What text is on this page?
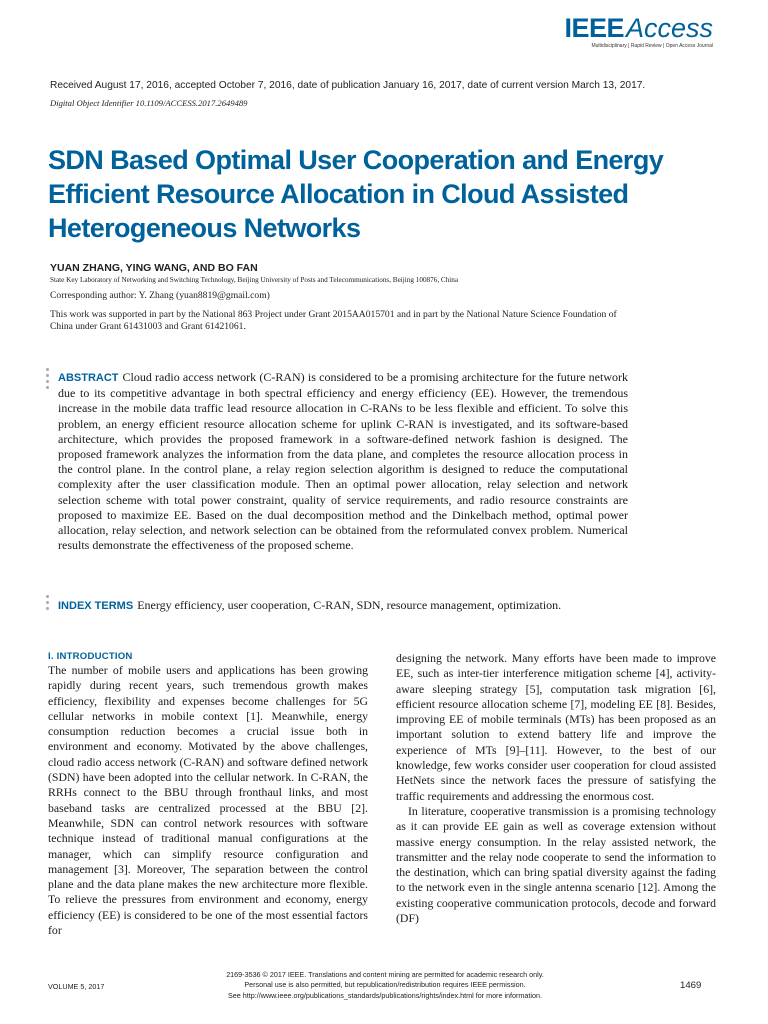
IEEEAccess
Multidisciplinary | Rapid Review | Open Access Journal
Received August 17, 2016, accepted October 7, 2016, date of publication January 16, 2017, date of current version March 13, 2017.
Digital Object Identifier 10.1109/ACCESS.2017.2649489
SDN Based Optimal User Cooperation and Energy Efficient Resource Allocation in Cloud Assisted Heterogeneous Networks
YUAN ZHANG, YING WANG, AND BO FAN
State Key Laboratory of Networking and Switching Technology, Beijing University of Posts and Telecommunications, Beijing 100876, China
Corresponding author: Y. Zhang (yuan8819@gmail.com)
This work was supported in part by the National 863 Project under Grant 2015AA015701 and in part by the National Nature Science Foundation of China under Grant 61431003 and Grant 61421061.

ABSTRACT Cloud radio access network (C-RAN) is considered to be a promising architecture for the future network due to its competitive advantage in both spectral efficiency and energy efficiency (EE). However, the tremendous increase in the mobile data traffic lead resource allocation in C-RANs to be less flexible and efficient. To solve this problem, an energy efficient resource allocation scheme for uplink C-RAN is investigated, and its software-based architecture, which provides the proposed framework in a software-defined network fashion is designed. The proposed framework analyzes the information from the data plane, and completes the resource allocation process in the control plane. In the control plane, a relay region selection algorithm is designed to reduce the computational complexity after the user classification module. Then an optimal power allocation, relay selection and network selection scheme with total power constraint, quality of service requirements, and radio resource constraints are proposed to maximize EE. Based on the dual decomposition method and the Dinkelbach method, optimal power allocation, relay selection, and network selection can be obtained from the reformulated convex problem. Numerical results demonstrate the effectiveness of the proposed scheme.

INDEX TERMS Energy efficiency, user cooperation, C-RAN, SDN, resource management, optimization.
I. INTRODUCTION

The number of mobile users and applications has been growing rapidly during recent years, such tremendous growth makes efficiency, flexibility and expenses become challenges for 5G cellular networks in mobile context [1]. Meanwhile, energy consumption reduction becomes a crucial issue both in environment and economy. Motivated by the above challenges, cloud radio access network (C-RAN) and software defined network (SDN) have been adopted into the cellular network. In C-RAN, the RRHs connect to the BBU through fronthaul links, and most baseband tasks are centralized processed at the BBU [2]. Meanwhile, SDN can control network resources with software technique instead of traditional manual configurations at the manager, which can simplify resource configuration and management [3]. Moreover, The separation between the control plane and the data plane makes the new architecture more flexible. To relieve the pressures from environment and economy, energy efficiency (EE) is considered to be one of the most essential factors for

designing the network. Many efforts have been made to improve EE, such as inter-tier interference mitigation scheme [4], activity-aware sleeping strategy [5], computation task migration [6], efficient resource allocation scheme [7], modeling EE [8]. Besides, improving EE of mobile terminals (MTs) has been proposed as an important solution to extend battery life and improve the experience of MTs [9]–[11]. However, to the best of our knowledge, few works consider user cooperation for cloud assisted HetNets since the network faces the pressure of satisfying the traffic requirements and addressing the enormous cost.

In literature, cooperative transmission is a promising technology as it can provide EE gain as well as coverage extension without massive energy consumption. In the relay assisted network, the transmitter and the relay node cooperate to send the information to the destination, which can bring spatial diversity against the fading to the network even in the single antenna scenario [12]. Among the existing cooperative communication protocols, decode and forward (DF)

VOLUME 5, 2017
2169-3536 © 2017 IEEE. Translations and content mining are permitted for academic research only.
Personal use is also permitted, but republication/redistribution requires IEEE permission.
See http://www.ieee.org/publications_standards/publications/rights/index.html for more information.
1469
